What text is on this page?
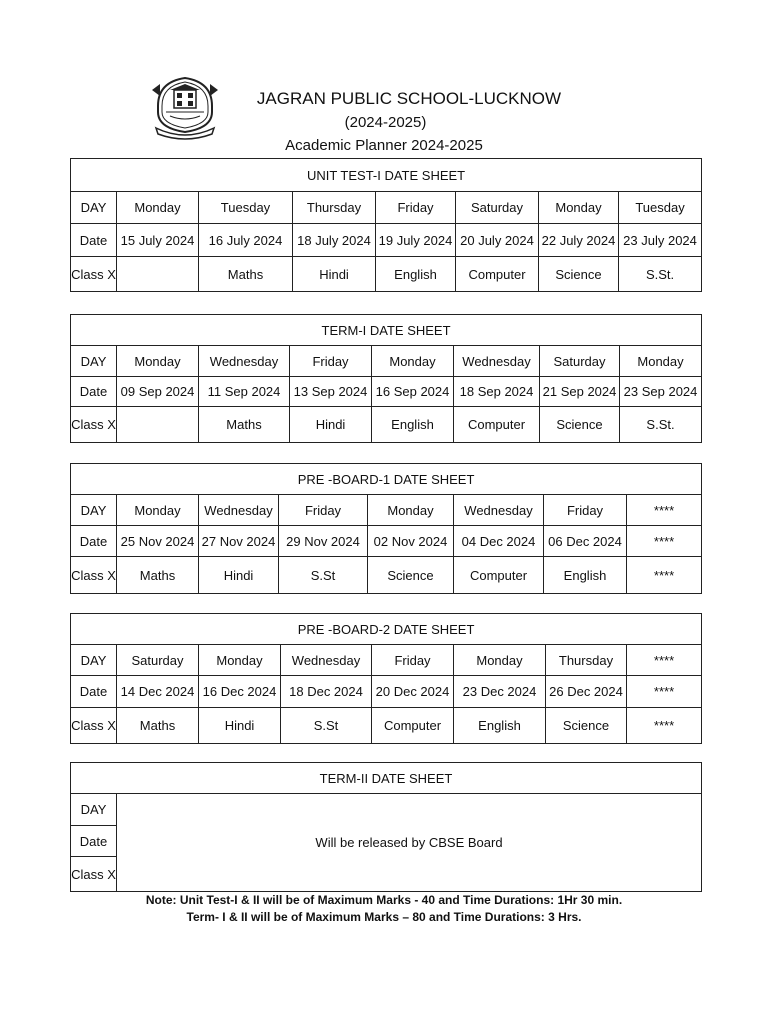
JAGRAN PUBLIC SCHOOL-LUCKNOW
(2024-2025)
Academic Planner 2024-2025
UNIT TEST-I DATE SHEET							
DAY	Monday	Tuesday	Thursday	Friday	Saturday	Monday	Tuesday
Date	15 July 2024	16 July 2024	18 July 2024	19 July 2024	20 July 2024	22 July 2024	23 July 2024
Class X		Maths	Hindi	English	Computer	Science	S.St.
TERM-I DATE SHEET							
DAY	Monday	Wednesday	Friday	Monday	Wednesday	Saturday	Monday
Date	09 Sep 2024	11 Sep 2024	13 Sep 2024	16 Sep 2024	18 Sep 2024	21 Sep 2024	23 Sep 2024
Class X		Maths	Hindi	English	Computer	Science	S.St.
PRE -BOARD-1 DATE SHEET							
DAY	Monday	Wednesday	Friday	Monday	Wednesday	Friday	****
Date	25 Nov 2024	27 Nov 2024	29 Nov 2024	02 Nov 2024	04 Dec 2024	06 Dec 2024	****
Class X	Maths	Hindi	S.St	Science	Computer	English	****
PRE -BOARD-2 DATE SHEET							
DAY	Saturday	Monday	Wednesday	Friday	Monday	Thursday	****
Date	14 Dec 2024	16 Dec 2024	18 Dec 2024	20 Dec 2024	23 Dec 2024	26 Dec 2024	****
Class X	Maths	Hindi	S.St	Computer	English	Science	****
TERM-II DATE SHEET
DAY	Will be released by CBSE Board
Date
Class X
Note: Unit Test-I & II will be of Maximum Marks - 40 and Time Durations: 1Hr 30 min.
Term- I & II will be of Maximum Marks – 80 and Time Durations: 3 Hrs.
